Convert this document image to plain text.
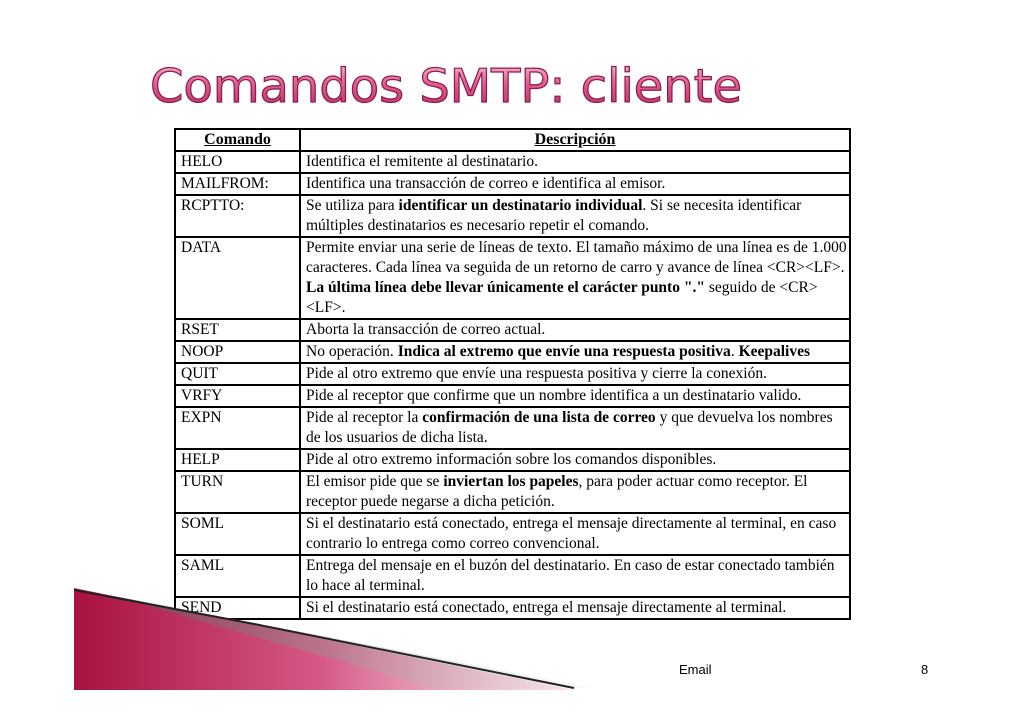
Comandos SMTP: cliente
Comando	Descripción
HELO	Identifica el remitente al destinatario.
MAILFROM:	Identifica una transacción de correo e identifica al emisor.
RCPTTO:	Se utiliza para identificar un destinatario individual. Si se necesita identificar múltiples destinatarios es necesario repetir el comando.
DATA	Permite enviar una serie de líneas de texto. El tamaño máximo de una línea es de 1.000 caracteres. Cada línea va seguida de un retorno de carro y avance de línea <CR><LF>. La última línea debe llevar únicamente el carácter punto "." seguido de <CR><LF>.
RSET	Aborta la transacción de correo actual.
NOOP	No operación. Indica al extremo que envíe una respuesta positiva. Keepalives
QUIT	Pide al otro extremo que envíe una respuesta positiva y cierre la conexión.
VRFY	Pide al receptor que confirme que un nombre identifica a un destinatario valido.
EXPN	Pide al receptor la confirmación de una lista de correo y que devuelva los nombres de los usuarios de dicha lista.
HELP	Pide al otro extremo información sobre los comandos disponibles.
TURN	El emisor pide que se inviertan los papeles, para poder actuar como receptor. El receptor puede negarse a dicha petición.
SOML	Si el destinatario está conectado, entrega el mensaje directamente al terminal, en caso contrario lo entrega como correo convencional.
SAML	Entrega del mensaje en el buzón del destinatario. En caso de estar conectado también lo hace al terminal.
SEND	Si el destinatario está conectado, entrega el mensaje directamente al terminal.
Email	8
